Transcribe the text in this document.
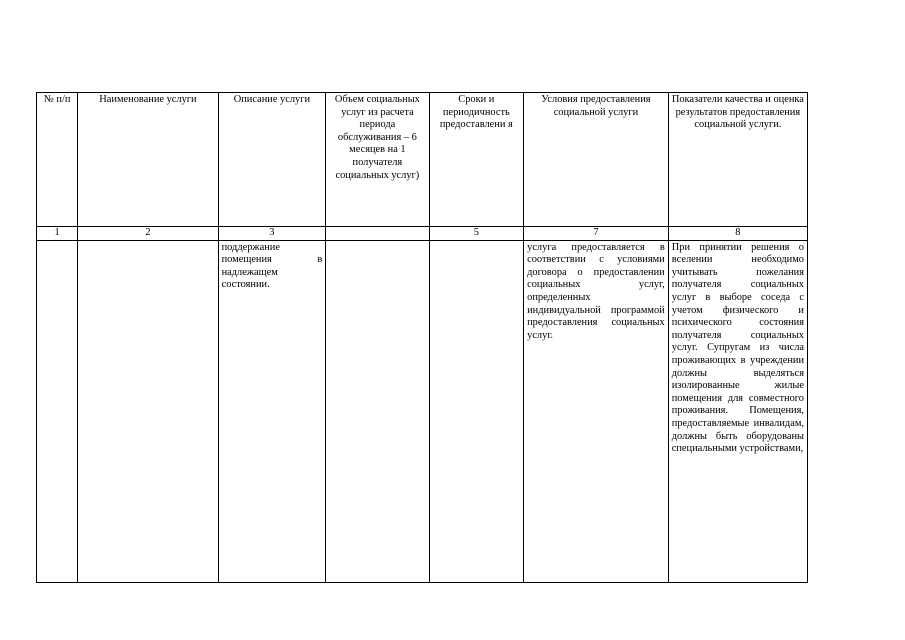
№ п/п	Наименование услуги	Описание услуги	Объем социальных услуг из расчета периода обслуживания – 6 месяцев на 1 получателя социальных услуг)	Сроки и периодичность предоставлени я	Условия предоставления социальной услуги	Показатели качества и оценка результатов предоставления социальной услуги.
1	2	3		5	7	8
		поддержание помещения в надлежащем состоянии.			услуга предоставляется в соответствии с условиями договора о предоставлении социальных услуг, определенных индивидуальной программой предоставления социальных услуг.	При принятии решения о вселении необходимо учитывать пожелания получателя социальных услуг в выборе соседа с учетом физического и психического состояния получателя социальных услуг. Супругам из числа проживающих в учреждении должны выделяться изолированные жилые помещения для совместного проживания. Помещения, предоставляемые инвалидам, должны быть оборудованы специальными устройствами,
